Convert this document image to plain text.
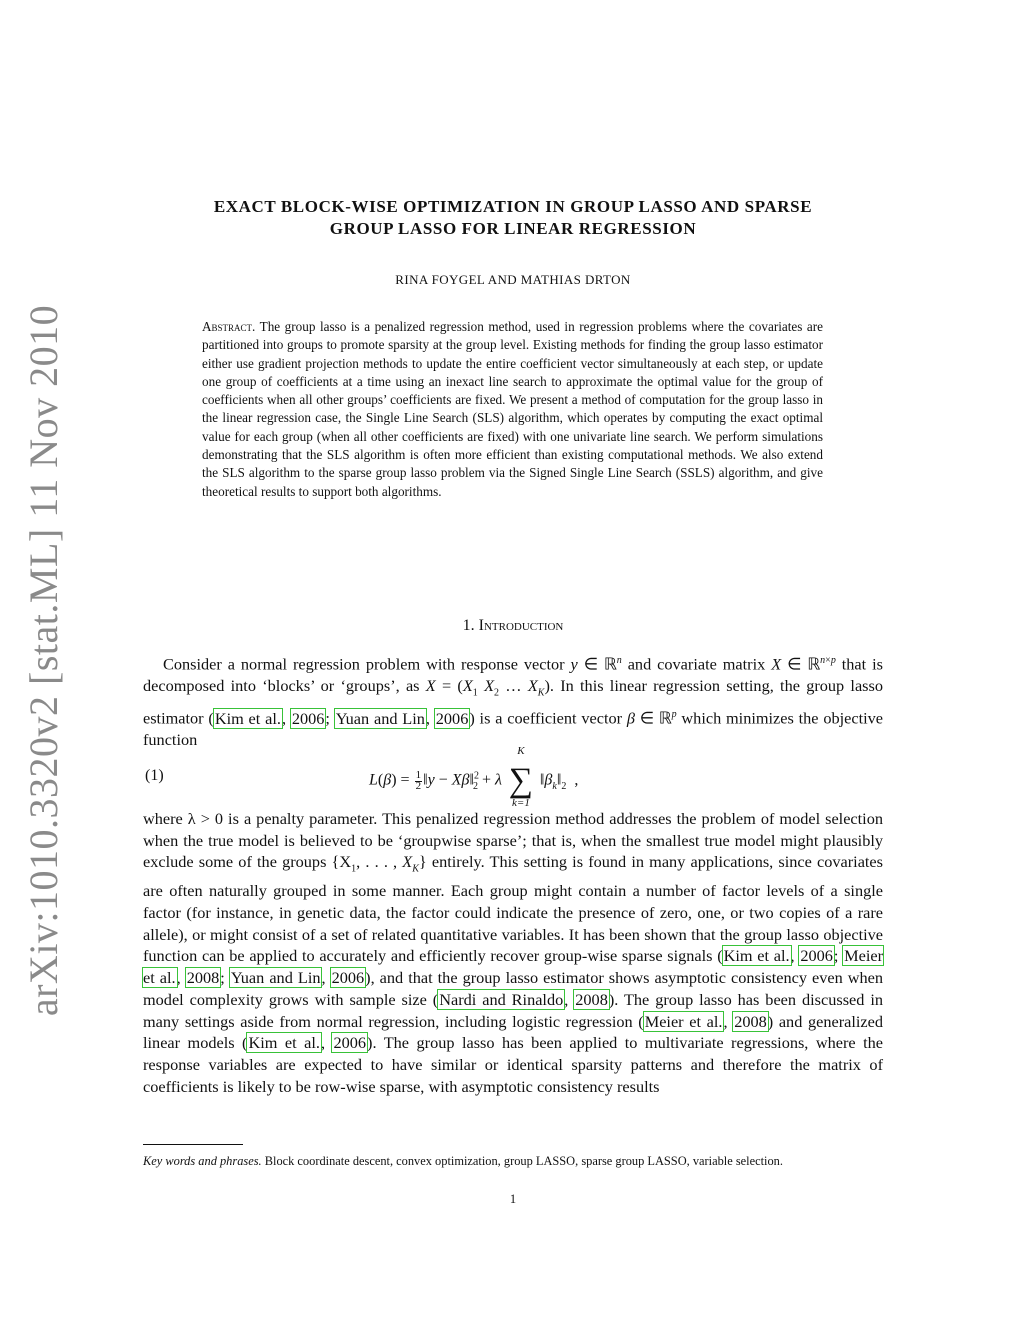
arXiv:1010.3320v2 [stat.ML] 11 Nov 2010
EXACT BLOCK-WISE OPTIMIZATION IN GROUP LASSO AND SPARSE
GROUP LASSO FOR LINEAR REGRESSION
RINA FOYGEL AND MATHIAS DRTON
Abstract. The group lasso is a penalized regression method, used in regression problems where the covariates are partitioned into groups to promote sparsity at the group level. Existing methods for finding the group lasso estimator either use gradient projection methods to update the entire coefficient vector simultaneously at each step, or update one group of coefficients at a time using an inexact line search to approximate the optimal value for the group of coefficients when all other groups’ coefficients are fixed. We present a method of computation for the group lasso in the linear regression case, the Single Line Search (SLS) algorithm, which operates by computing the exact optimal value for each group (when all other coefficients are fixed) with one univariate line search. We perform simulations demonstrating that the SLS algorithm is often more efficient than existing computational methods. We also extend the SLS algorithm to the sparse group lasso problem via the Signed Single Line Search (SSLS) algorithm, and give theoretical results to support both algorithms.
1. Introduction

Consider a normal regression problem with response vector y ∈ ℝ$^n$ and covariate matrix X ∈ ℝ$^{n\times p}$ that is decomposed into ‘blocks’ or ‘groups’, as $X = (X_1$ $X_2$ … $X_K$). In this linear regression setting, the group lasso estimator (Kim et al., 2006; Yuan and Lin, 2006) is a coefficient vector β ∈ ℝ$^p$ which minimizes the objective function

(1)	$L(\beta) = \frac{1}{2}‖y$ − Xβ‖$^2_2$ + λ
K
∑
k=1
$‖\beta_k‖_2$  ,

where λ > 0 is a penalty parameter. This penalized regression method addresses the problem of model selection when the true model is believed to be ‘groupwise sparse’; that is, when the smallest true model might plausibly exclude some of the groups {$X_1$, . . . , $X_K$} entirely. This setting is found in many applications, since covariates are often naturally grouped in some manner. Each group might contain a number of factor levels of a single factor (for instance, in genetic data, the factor could indicate the presence of zero, one, or two copies of a rare allele), or might consist of a set of related quantitative variables. It has been shown that the group lasso objective function can be applied to accurately and efficiently recover group-wise sparse signals (Kim et al., 2006; Meier et al., 2008; Yuan and Lin, 2006), and that the group lasso estimator shows asymptotic consistency even when model complexity grows with sample size (Nardi and Rinaldo, 2008). The group lasso has been discussed in many settings aside from normal regression, including logistic regression (Meier et al., 2008) and generalized linear models (Kim et al., 2006). The group lasso has been applied to multivariate regressions, where the response variables are expected to have similar or identical sparsity patterns and therefore the matrix of coefficients is likely to be row-wise sparse, with asymptotic consistency results

Key words and phrases. Block coordinate descent, convex optimization, group LASSO, sparse group LASSO, variable selection.
1
